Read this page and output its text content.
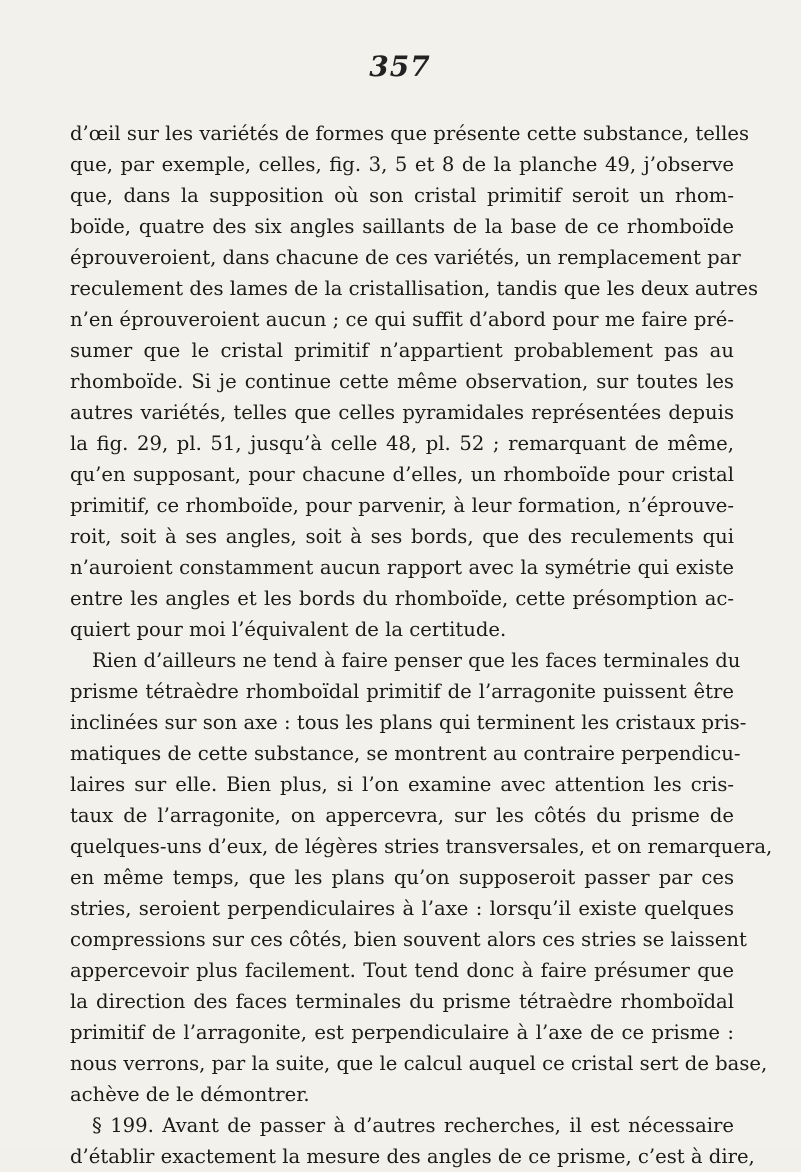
357

d’œil sur les variétés de formes que présente cette substance, telles
que, par exemple, celles, fig. 3, 5 et 8 de la planche 49, j’observe
que, dans la supposition où son cristal primitif seroit un rhom-
boïde, quatre des six angles saillants de la base de ce rhomboïde
éprouveroient, dans chacune de ces variétés, un remplacement par
reculement des lames de la cristallisation, tandis que les deux autres
n’en éprouveroient aucun ; ce qui suffit d’abord pour me faire pré-
sumer que le cristal primitif n’appartient probablement pas au
rhomboïde. Si je continue cette même observation, sur toutes les
autres variétés, telles que celles pyramidales représentées depuis
la fig. 29, pl. 51, jusqu’à celle 48, pl. 52 ; remarquant de même,
qu’en supposant, pour chacune d’elles, un rhomboïde pour cristal
primitif, ce rhomboïde, pour parvenir, à leur formation, n’éprouve-
roit, soit à ses angles, soit à ses bords, que des reculements qui
n’auroient constamment aucun rapport avec la symétrie qui existe
entre les angles et les bords du rhomboïde, cette présomption ac-
quiert pour moi l’équivalent de la certitude.

Rien d’ailleurs ne tend à faire penser que les faces terminales du
prisme tétraèdre rhomboïdal primitif de l’arragonite puissent être
inclinées sur son axe : tous les plans qui terminent les cristaux pris-
matiques de cette substance, se montrent au contraire perpendicu-
laires sur elle. Bien plus, si l’on examine avec attention les cris-
taux de l’arragonite, on appercevra, sur les côtés du prisme de
quelques-uns d’eux, de légères stries transversales, et on remarquera,
en même temps, que les plans qu’on supposeroit passer par ces
stries, seroient perpendiculaires à l’axe : lorsqu’il existe quelques
compressions sur ces côtés, bien souvent alors ces stries se laissent
appercevoir plus facilement. Tout tend donc à faire présumer que
la direction des faces terminales du prisme tétraèdre rhomboïdal
primitif de l’arragonite, est perpendiculaire à l’axe de ce prisme :
nous verrons, par la suite, que le calcul auquel ce cristal sert de base,
achève de le démontrer.

§ 199. Avant de passer à d’autres recherches, il est nécessaire
d’établir exactement la mesure des angles de ce prisme, c’est à dire,
